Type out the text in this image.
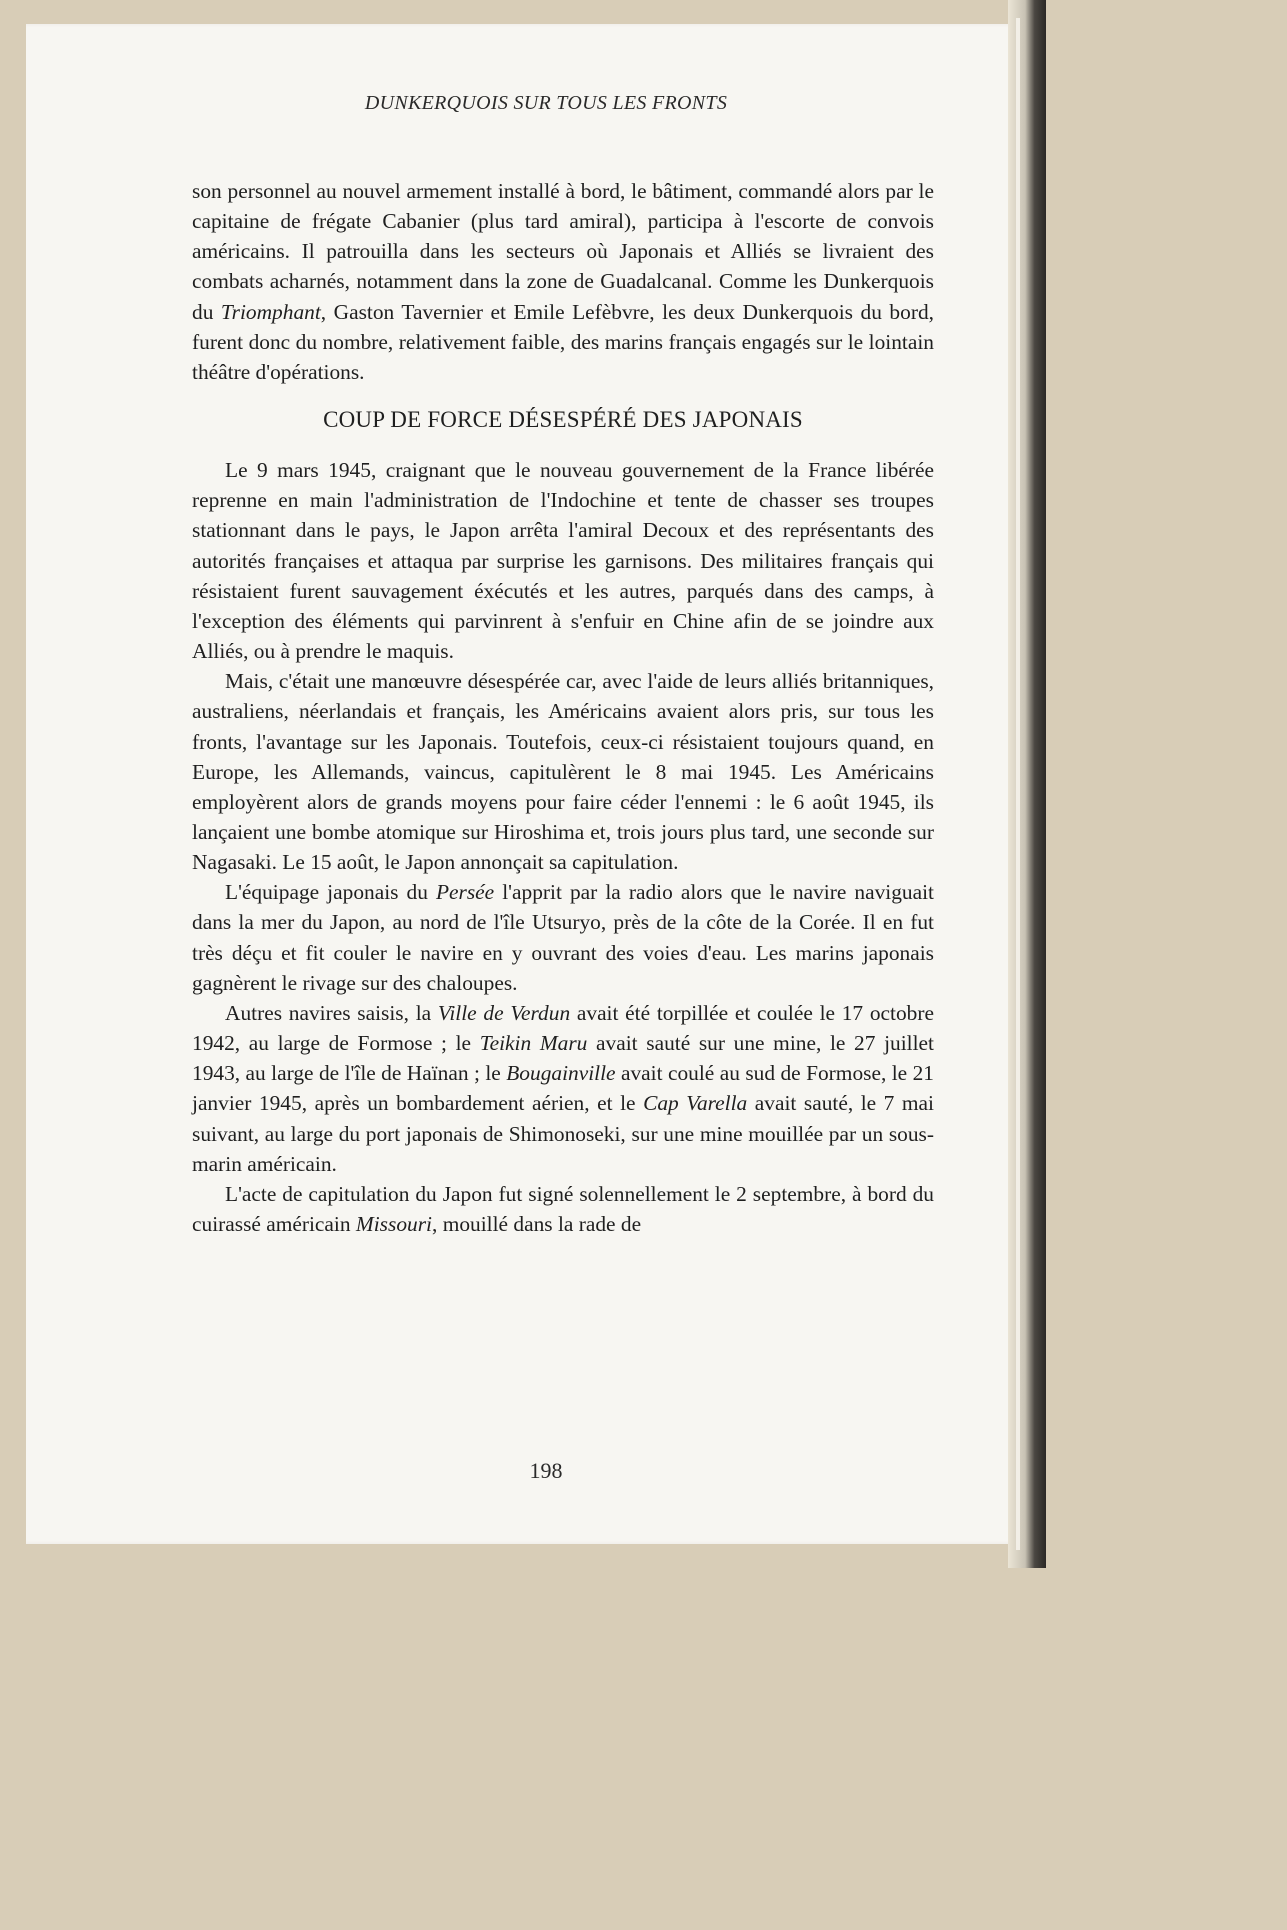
DUNKERQUOIS SUR TOUS LES FRONTS

son personnel au nouvel armement installé à bord, le bâtiment, commandé alors par le capitaine de frégate Cabanier (plus tard amiral), participa à l'escorte de convois américains. Il patrouilla dans les secteurs où Japonais et Alliés se livraient des combats acharnés, notamment dans la zone de Guadalcanal. Comme les Dunkerquois du Triomphant, Gaston Tavernier et Emile Lefèbvre, les deux Dunkerquois du bord, furent donc du nombre, relativement faible, des marins français engagés sur le lointain théâtre d'opérations.

COUP DE FORCE DÉSESPÉRÉ DES JAPONAIS

Le 9 mars 1945, craignant que le nouveau gouvernement de la France libérée reprenne en main l'administration de l'Indochine et tente de chasser ses troupes stationnant dans le pays, le Japon arrêta l'amiral Decoux et des représentants des autorités françaises et attaqua par surprise les garnisons. Des militaires français qui résistaient furent sauvagement éxécutés et les autres, parqués dans des camps, à l'exception des éléments qui parvinrent à s'enfuir en Chine afin de se joindre aux Alliés, ou à prendre le maquis.

Mais, c'était une manœuvre désespérée car, avec l'aide de leurs alliés britanniques, australiens, néerlandais et français, les Américains avaient alors pris, sur tous les fronts, l'avantage sur les Japonais. Toutefois, ceux-ci résistaient toujours quand, en Europe, les Allemands, vaincus, capitulèrent le 8 mai 1945. Les Américains employèrent alors de grands moyens pour faire céder l'ennemi : le 6 août 1945, ils lançaient une bombe atomique sur Hiroshima et, trois jours plus tard, une seconde sur Nagasaki. Le 15 août, le Japon annonçait sa capitulation.

L'équipage japonais du Persée l'apprit par la radio alors que le navire naviguait dans la mer du Japon, au nord de l'île Utsuryo, près de la côte de la Corée. Il en fut très déçu et fit couler le navire en y ouvrant des voies d'eau. Les marins japonais gagnèrent le rivage sur des chaloupes.

Autres navires saisis, la Ville de Verdun avait été torpillée et coulée le 17 octobre 1942, au large de Formose ; le Teikin Maru avait sauté sur une mine, le 27 juillet 1943, au large de l'île de Haïnan ; le Bougainville avait coulé au sud de Formose, le 21 janvier 1945, après un bombardement aérien, et le Cap Varella avait sauté, le 7 mai suivant, au large du port japonais de Shimonoseki, sur une mine mouillée par un sous-marin américain.

L'acte de capitulation du Japon fut signé solennellement le 2 septembre, à bord du cuirassé américain Missouri, mouillé dans la rade de

198
